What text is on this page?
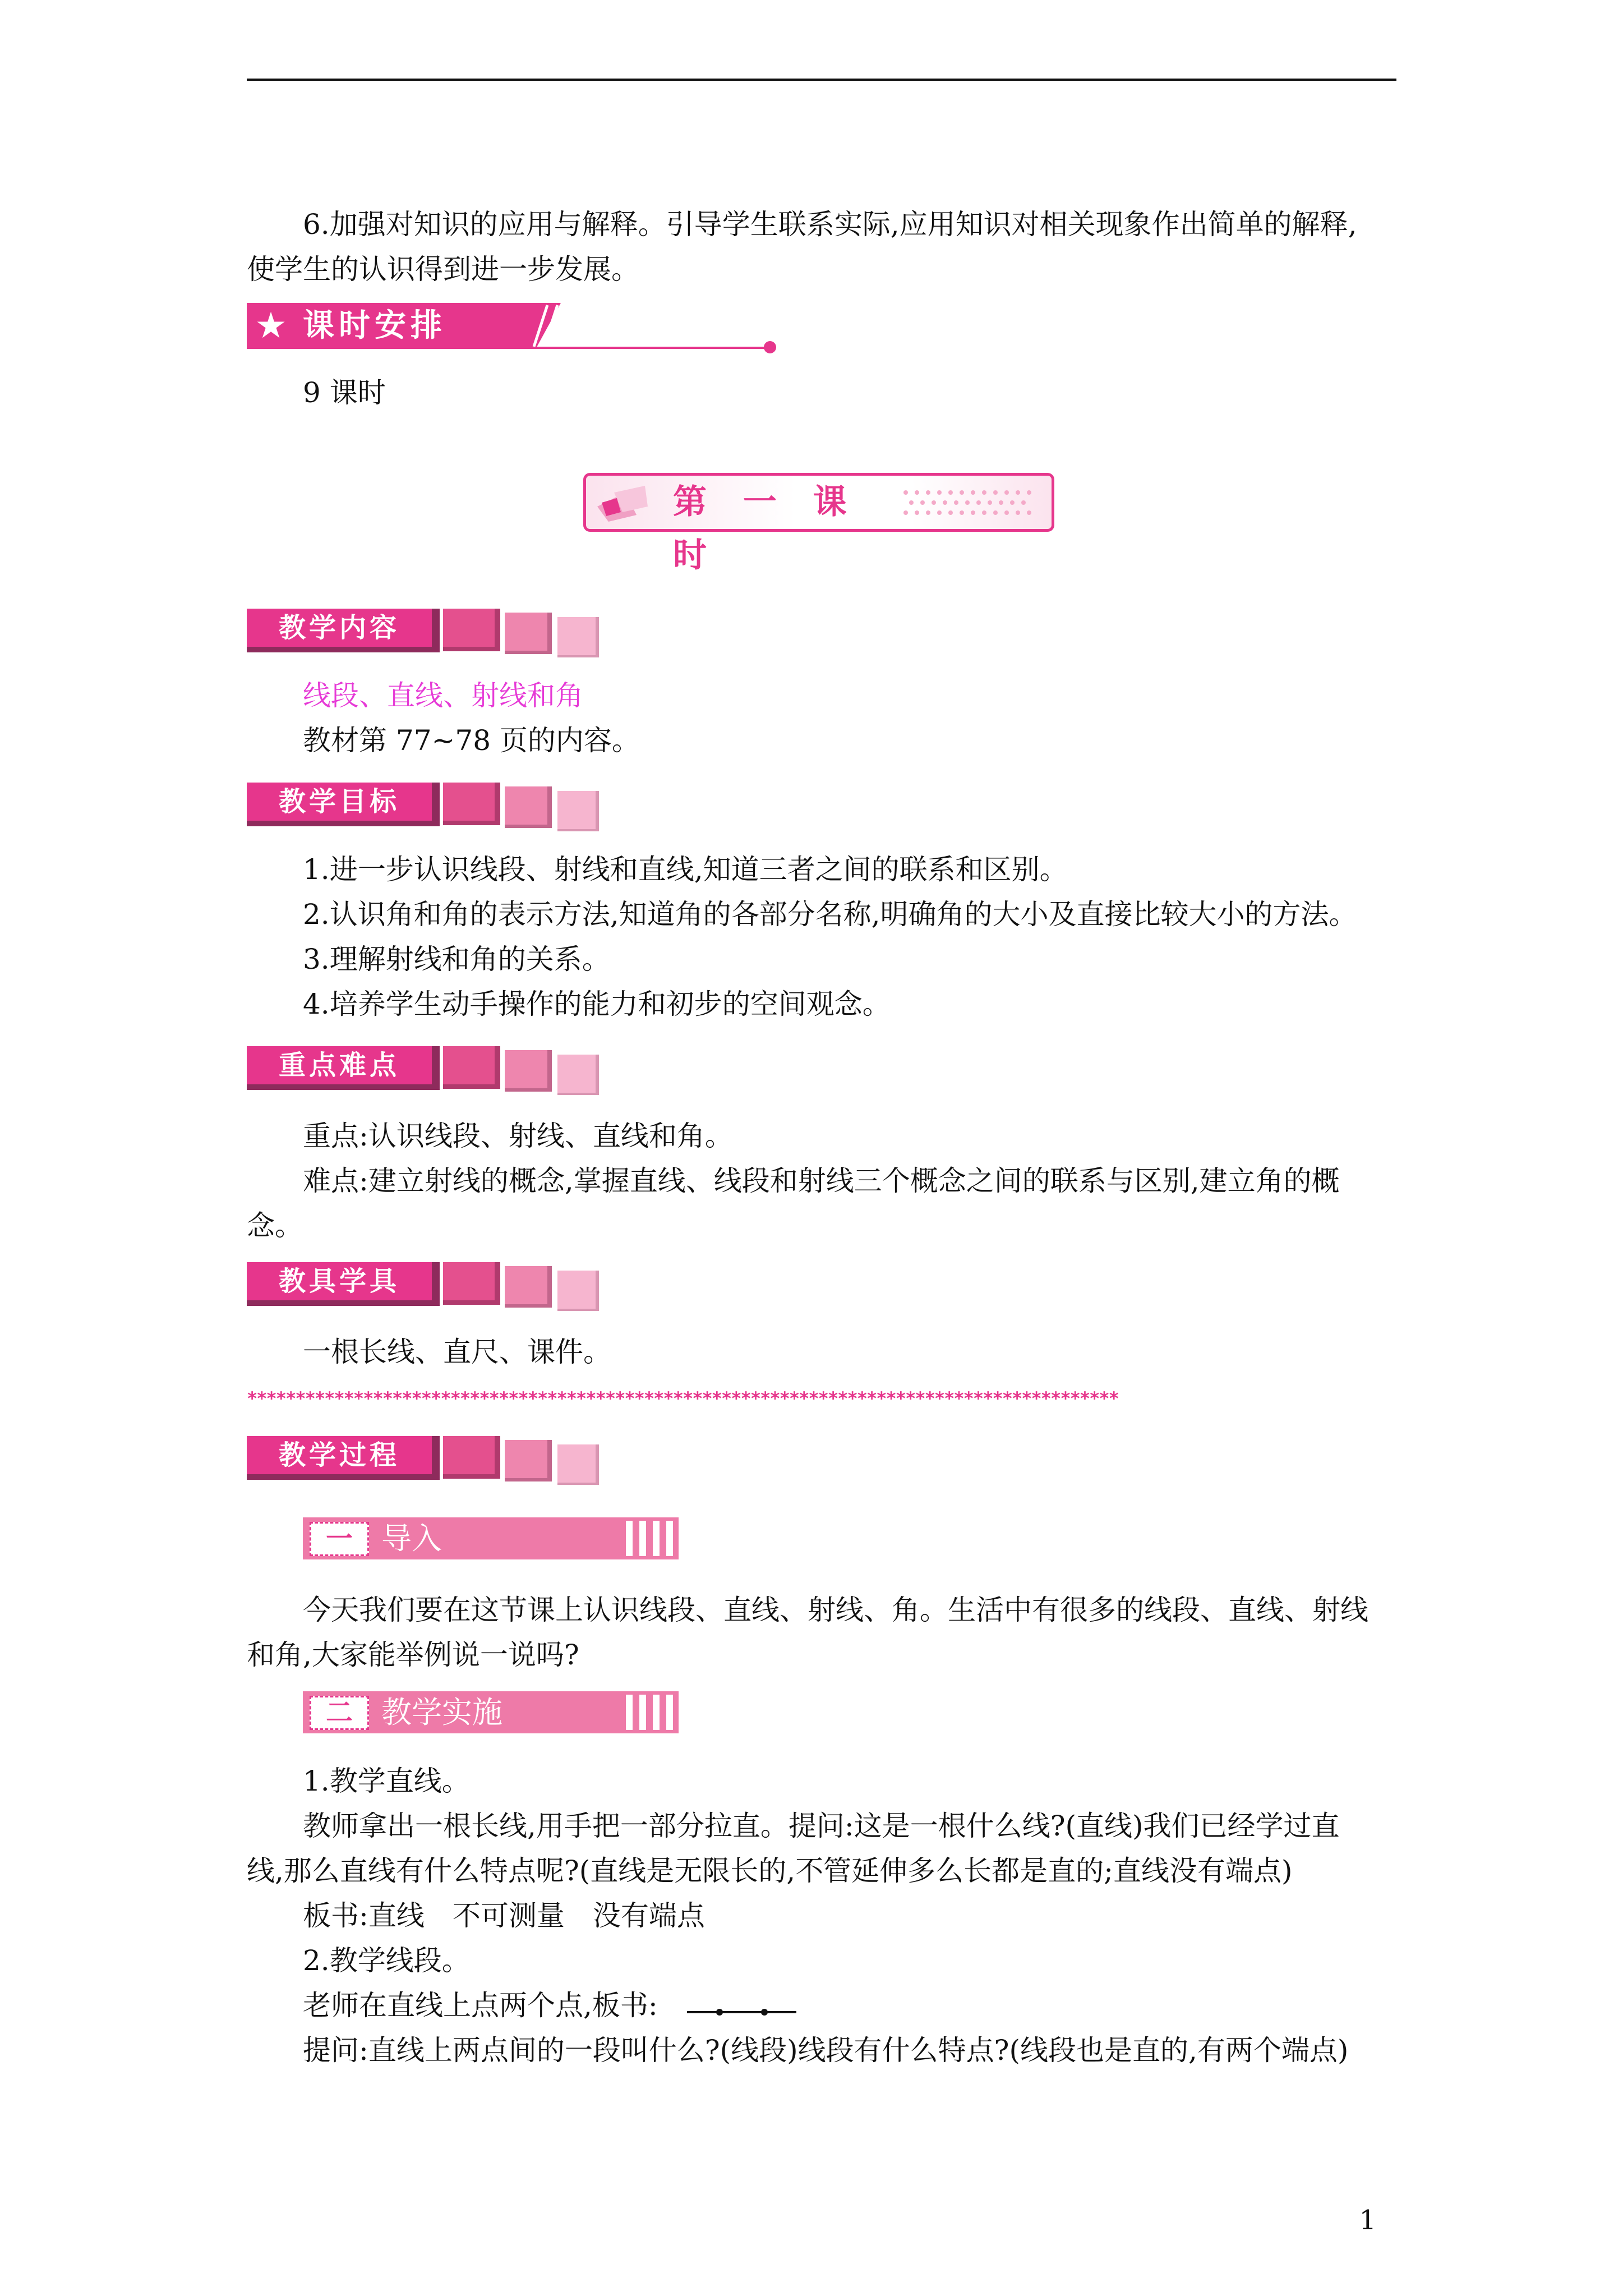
6.加强对知识的应用与解释。引导学生联系实际,应用知识对相关现象作出简单的解释,
使学生的认识得到进一步发展。
★ 课时安排
9 课时
第 一 课 时
教学内容
线段、直线、射线和角
教材第 77~78 页的内容。
教学目标
1.进一步认识线段、射线和直线,知道三者之间的联系和区别。
2.认识角和角的表示方法,知道角的各部分名称,明确角的大小及直接比较大小的方法。
3.理解射线和角的关系。
4.培养学生动手操作的能力和初步的空间观念。
重点难点
重点:认识线段、射线、直线和角。
难点:建立射线的概念,掌握直线、线段和射线三个概念之间的联系与区别,建立角的概
念。
教具学具
一根长线、直尺、课件。
******************************************************************************************
教学过程
一 导入
今天我们要在这节课上认识线段、直线、射线、角。生活中有很多的线段、直线、射线
和角,大家能举例说一说吗?
二 教学实施
1.教学直线。
教师拿出一根长线,用手把一部分拉直。提问:这是一根什么线?(直线)我们已经学过直
线,那么直线有什么特点呢?(直线是无限长的,不管延伸多么长都是直的;直线没有端点)
板书:直线　不可测量　没有端点
2.教学线段。
老师在直线上点两个点,板书:
提问:直线上两点间的一段叫什么?(线段)线段有什么特点?(线段也是直的,有两个端点)
1
